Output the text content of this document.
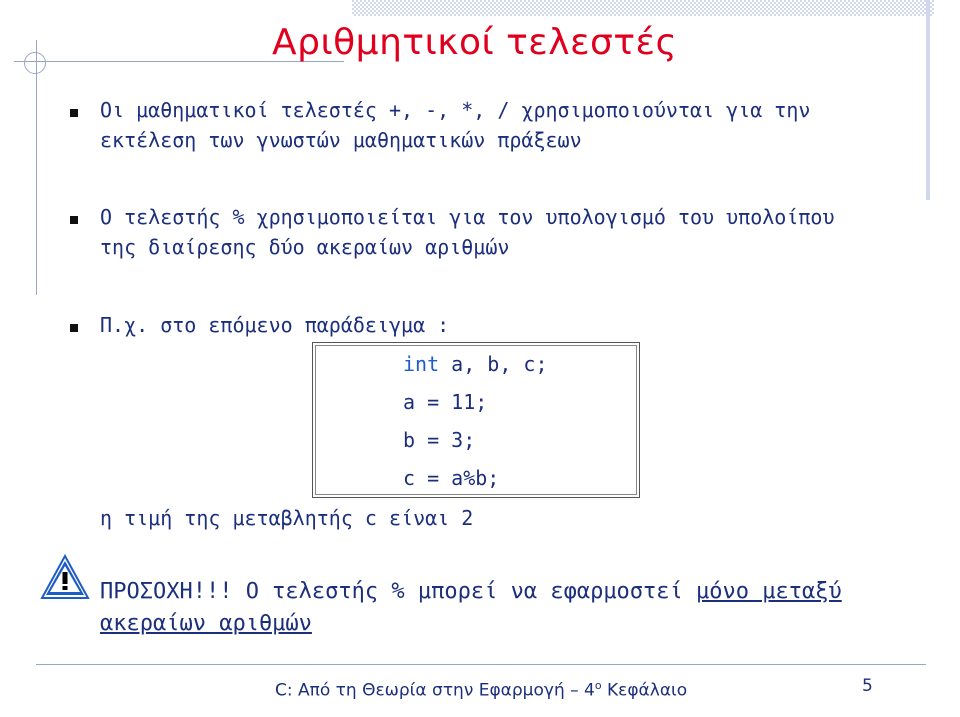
Αριθμητικοί τελεστές
Οι μαθηματικοί τελεστές +, -, *, / χρησιμοποιούνται για την
εκτέλεση των γνωστών μαθηματικών πράξεων
Ο τελεστής % χρησιμοποιείται για τον υπολογισμό του υπολοίπου
της διαίρεσης δύο ακεραίων αριθμών
Π.χ. στο επόμενο παράδειγμα :
int a, b, c;
a = 11;
b = 3;
c = a%b;
η τιμή της μεταβλητής c είναι 2
ΠΡΟΣΟΧΗ!!! Ο τελεστής % μπορεί να εφαρμοστεί μόνο μεταξύ
ακεραίων αριθμών
C: Από τη Θεωρία στην Εφαρμογή – $4^o$ Κεφάλαιο	5
